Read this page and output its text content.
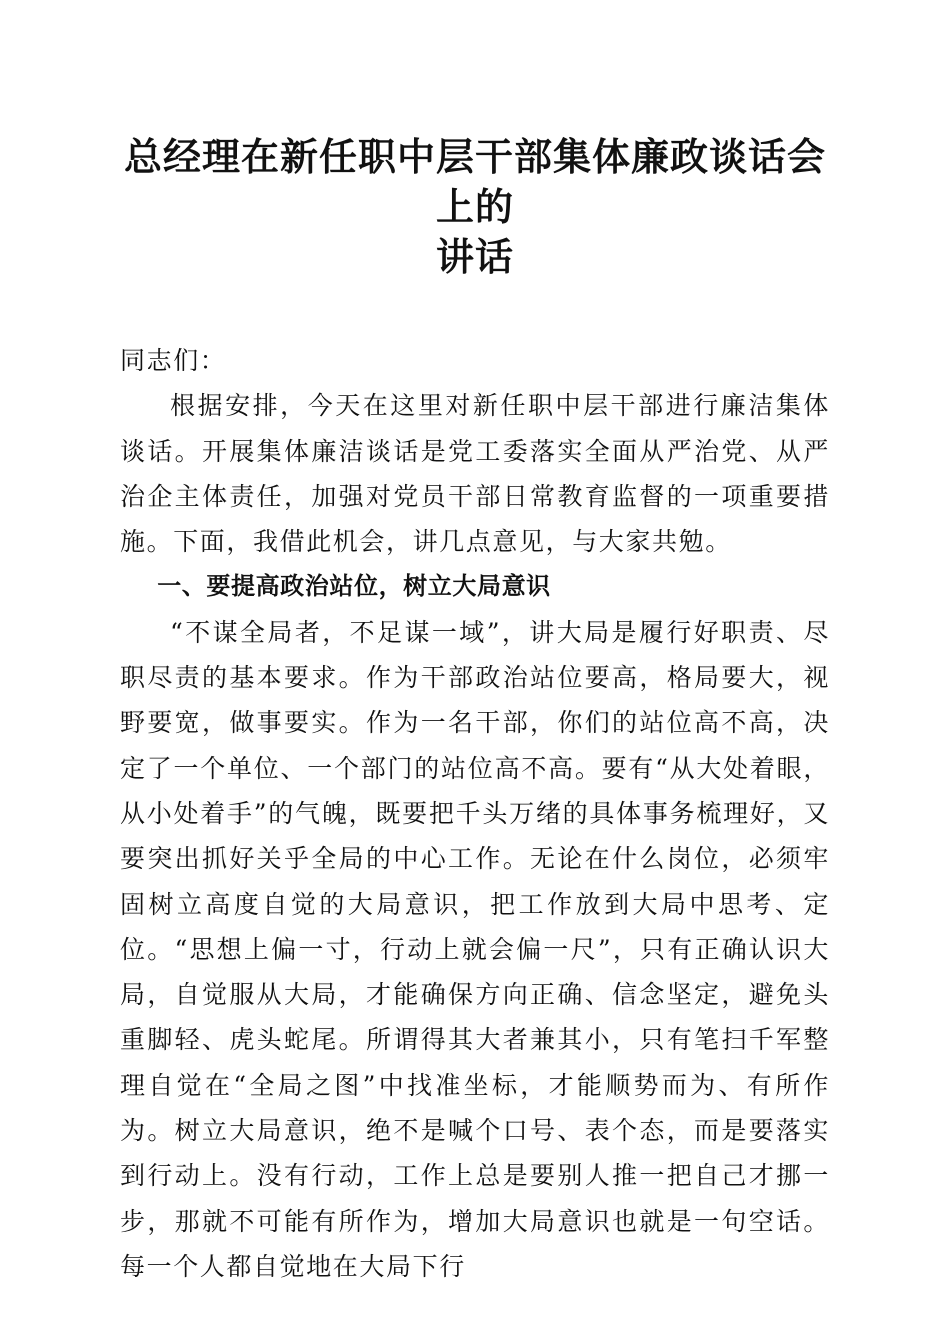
总经理在新任职中层干部集体廉政谈话会上的
讲话

同志们：

根据安排，今天在这里对新任职中层干部进行廉洁集体谈话。开展集体廉洁谈话是党工委落实全面从严治党、从严治企主体责任，加强对党员干部日常教育监督的一项重要措施。下面，我借此机会，讲几点意见，与大家共勉。

一、要提高政治站位，树立大局意识

“不谋全局者，不足谋一域”，讲大局是履行好职责、尽职尽责的基本要求。作为干部政治站位要高，格局要大，视野要宽，做事要实。作为一名干部，你们的站位高不高，决定了一个单位、一个部门的站位高不高。要有“从大处着眼，从小处着手”的气魄，既要把千头万绪的具体事务梳理好，又要突出抓好关乎全局的中心工作。无论在什么岗位，必须牢固树立高度自觉的大局意识，把工作放到大局中思考、定位。“思想上偏一寸，行动上就会偏一尺”，只有正确认识大局，自觉服从大局，才能确保方向正确、信念坚定，避免头重脚轻、虎头蛇尾。所谓得其大者兼其小，只有笔扫千军整理自觉在“全局之图”中找准坐标，才能顺势而为、有所作为。树立大局意识，绝不是喊个口号、表个态，而是要落实到行动上。没有行动，工作上总是要别人推一把自己才挪一步，那就不可能有所作为，增加大局意识也就是一句空话。每一个人都自觉地在大局下行
